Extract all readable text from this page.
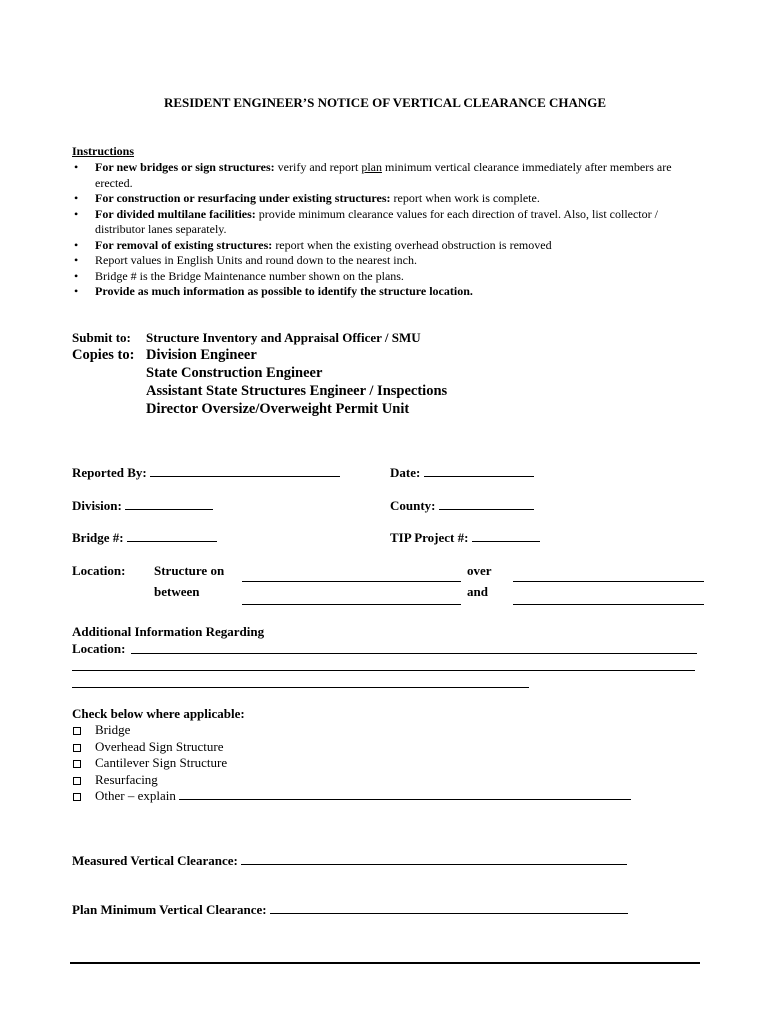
RESIDENT ENGINEER’S NOTICE OF VERTICAL CLEARANCE CHANGE
Instructions
• For new bridges or sign structures: verify and report plan minimum vertical clearance immediately after members are erected.
• For construction or resurfacing under existing structures: report when work is complete.
• For divided multilane facilities: provide minimum clearance values for each direction of travel. Also, list collector / distributor lanes separately.
• For removal of existing structures: report when the existing overhead obstruction is removed
• Report values in English Units and round down to the nearest inch.
• Bridge # is the Bridge Maintenance number shown on the plans.
• Provide as much information as possible to identify the structure location.
Submit to: Structure Inventory and Appraisal Officer / SMU
Copies to: Division Engineer
State Construction Engineer
Assistant State Structures Engineer / Inspections
Director Oversize/Overweight Permit Unit
Reported By:	Date:
Division:	County:
Bridge #:	TIP Project #:
Location: Structure on	over
between	and
Additional Information Regarding
Location:
Check below where applicable:
Bridge
Overhead Sign Structure
Cantilever Sign Structure
Resurfacing
Other – explain
Measured Vertical Clearance:
Plan Minimum Vertical Clearance:
